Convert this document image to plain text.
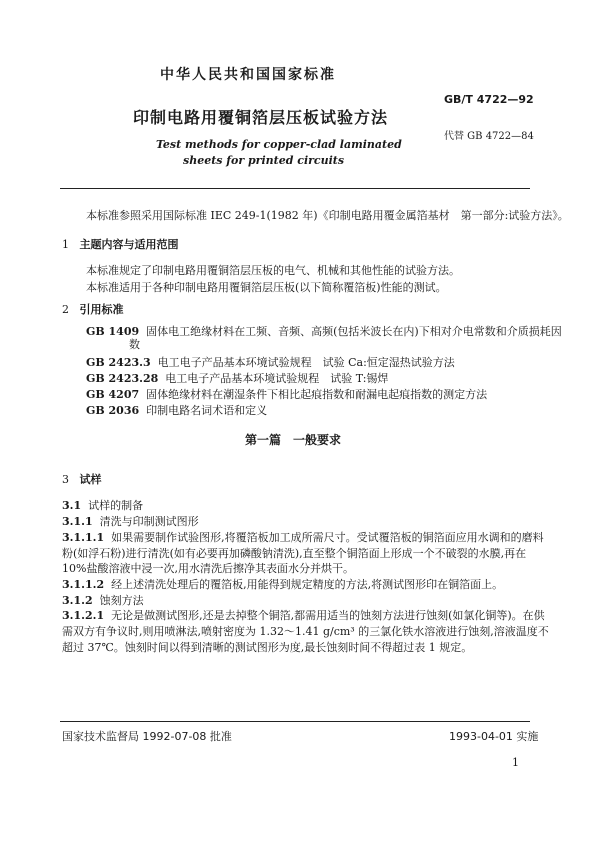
中华人民共和国国家标准
GB/T 4722—92
印制电路用覆铜箔层压板试验方法
Test methods for copper-clad laminated
sheets for printed circuits
代替 GB 4722—84
本标准参照采用国际标准 IEC 249-1(1982 年)《印制电路用覆金属箔基材　第一部分:试验方法》。
1 主题内容与适用范围
本标准规定了印制电路用覆铜箔层压板的电气、机械和其他性能的试验方法。
本标准适用于各种印制电路用覆铜箔层压板(以下简称覆箔板)性能的测试。
2 引用标准
GB 1409 固体电工绝缘材料在工频、音频、高频(包括米波长在内)下相对介电常数和介质损耗因
数
GB 2423.3 电工电子产品基本环境试验规程　试验 Ca:恒定湿热试验方法
GB 2423.28 电工电子产品基本环境试验规程　试验 T:锡焊
GB 4207 固体绝缘材料在潮湿条件下相比起痕指数和耐漏电起痕指数的测定方法
GB 2036 印制电路名词术语和定义
第一篇　一般要求
3 试样
3.1 试样的制备
3.1.1 清洗与印制测试图形
3.1.1.1 如果需要制作试验图形,将覆箔板加工成所需尺寸。受试覆箔板的铜箔面应用水调和的磨料
粉(如浮石粉)进行清洗(如有必要再加磷酸钠清洗),直至整个铜箔面上形成一个不破裂的水膜,再在
10%盐酸溶液中浸一次,用水清洗后擦净其表面水分并烘干。
3.1.1.2 经上述清洗处理后的覆箔板,用能得到规定精度的方法,将测试图形印在铜箔面上。
3.1.2 蚀刻方法
3.1.2.1 无论是做测试图形,还是去掉整个铜箔,都需用适当的蚀刻方法进行蚀刻(如氯化铜等)。在供
需双方有争议时,则用喷淋法,喷射密度为 1.32～1.41 g/cm³ 的三氯化铁水溶液进行蚀刻,溶液温度不
超过 37℃。蚀刻时间以得到清晰的测试图形为度,最长蚀刻时间不得超过表 1 规定。
国家技术监督局 1992-07-08 批准	1993-04-01 实施
1
